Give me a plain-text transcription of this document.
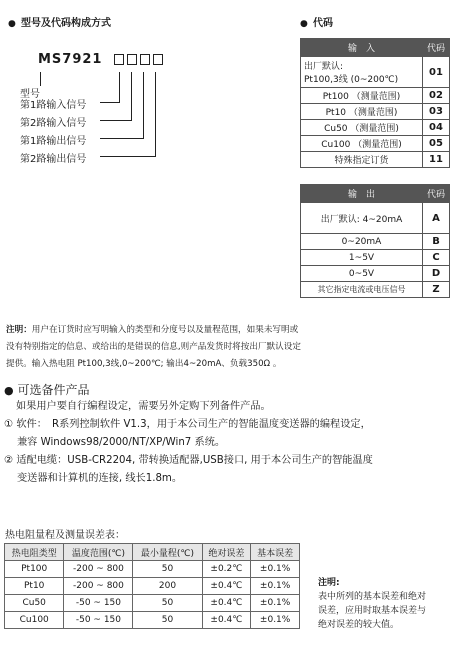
● 型号及代码构成方式
MS7921
型号
第1路输入信号
第2路输入信号
第1路输出信号
第2路输出信号
● 代码
输　入	代码

出厂默认:
Pt100,3线 (0~200℃)	01
Pt100 （测量范围)	02
Pt10 （测量范围)	03
Cu50 （测量范围)	04
Cu100 （测量范围)	05
特殊指定订货	11
输　出	代码
出厂默认: 4~20mA	A
0~20mA	B
1~5V	C
0~5V	D
其它指定电流或电压信号	Z
注明：用户在订货时应写明输入的类型和分度号以及量程范围，如果未写明或
没有特别指定的信息、或给出的是错误的信息,则产品发货时将按出厂默认设定
提供。输入热电阻 Pt100,3线,0~200℃; 输出4~20mA、负载350Ω 。
● 可选备件产品
如果用户要自行编程设定，需要另外定购下列备件产品。
① 软件：　R系列控制软件 V1.3，用于本公司生产的智能温度变送器的编程设定，
兼容 Windows98/2000/NT/XP/Win7 系统。
② 适配电缆：USB-CR2204, 带转换适配器,USB接口, 用于本公司生产的智能温度
变送器和计算机的连接, 线长1.8m。
热电阻量程及测量误差表：
热电阻类型	温度范围(℃)	最小量程(℃)	绝对误差	基本误差
Pt100	-200 ~ 800	50	±0.2℃	±0.1%
Pt10	-200 ~ 800	200	±0.4℃	±0.1%
Cu50	-50 ~ 150	50	±0.4℃	±0.1%
Cu100	-50 ~ 150	50	±0.4℃	±0.1%
注明:
表中所列的基本误差和绝对
误差，应用时取基本误差与
绝对误差的较大值。
